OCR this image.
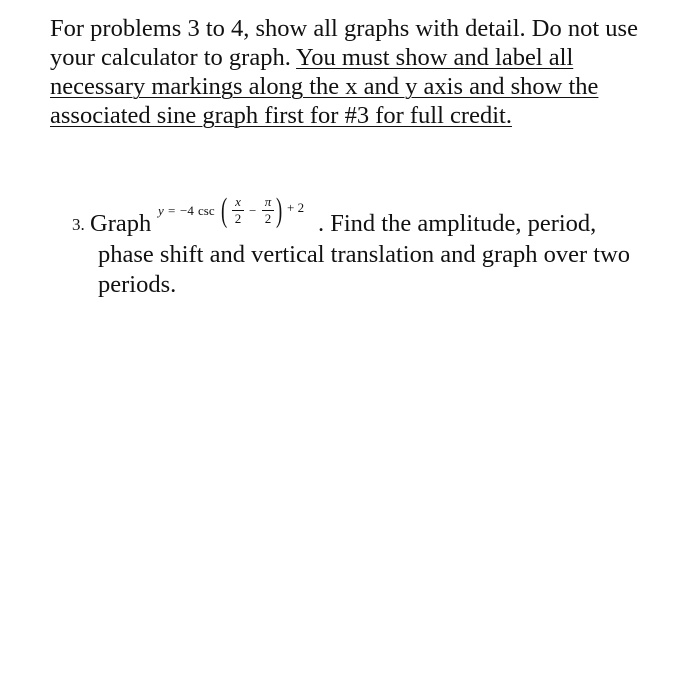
For problems 3 to 4, show all graphs with detail. Do not use your calculator to graph. You must show and label all necessary markings along the x and y axis and show the associated sine graph first for #3 for full credit.
3. Graph y = −4 csc ( x
2
−
π
2 ) + 2
. Find the amplitude, period,
phase shift and vertical translation and graph over two periods.
